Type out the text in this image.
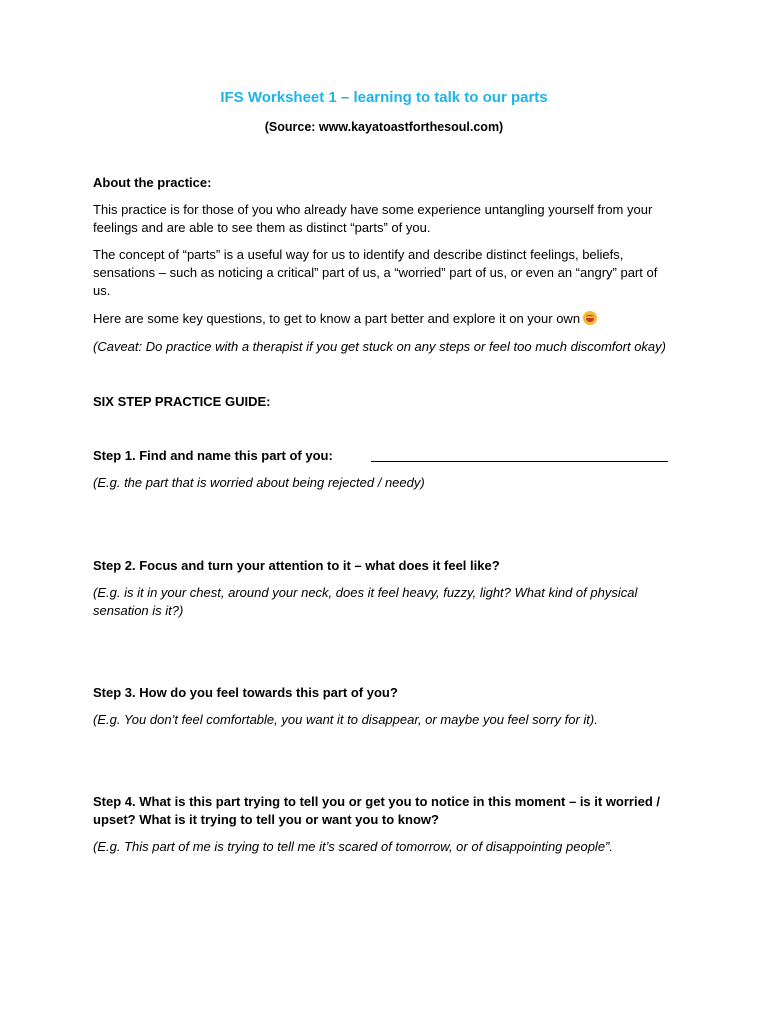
IFS Worksheet 1 – learning to talk to our parts
(Source: www.kayatoastforthesoul.com)
About the practice:
This practice is for those of you who already have some experience untangling yourself from your feelings and are able to see them as distinct “parts” of you.
The concept of “parts” is a useful way for us to identify and describe distinct feelings, beliefs, sensations – such as noticing a critical” part of us, a “worried” part of us, or even an “angry” part of us.
Here are some key questions, to get to know a part better and explore it on your own
(Caveat: Do practice with a therapist if you get stuck on any steps or feel too much discomfort okay)
SIX STEP PRACTICE GUIDE:
Step 1. Find and name this part of you:
(E.g. the part that is worried about being rejected / needy)
Step 2. Focus and turn your attention to it – what does it feel like?
(E.g. is it in your chest, around your neck, does it feel heavy, fuzzy, light? What kind of physical sensation is it?)
Step 3. How do you feel towards this part of you?
(E.g. You don’t feel comfortable, you want it to disappear, or maybe you feel sorry for it).
Step 4. What is this part trying to tell you or get you to notice in this moment – is it worried / upset? What is it trying to tell you or want you to know?
(E.g. This part of me is trying to tell me it’s scared of tomorrow, or of disappointing people”.
